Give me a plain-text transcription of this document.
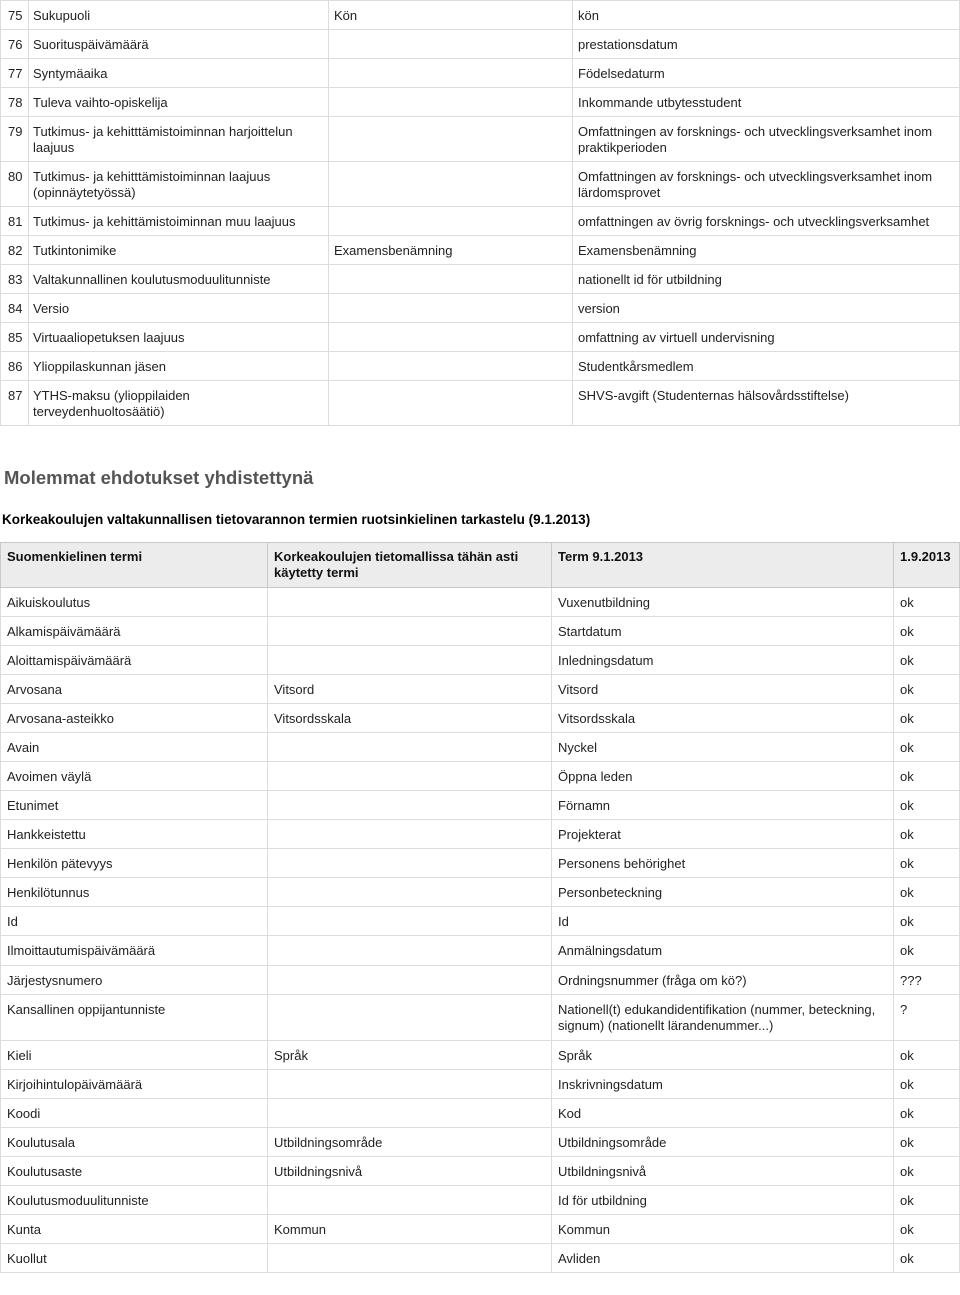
75	Sukupuoli	Kön	kön
76	Suorituspäivämäärä		prestationsdatum
77	Syntymäaika		Födelsedaturm
78	Tuleva vaihto-opiskelija		Inkommande utbytesstudent
79	Tutkimus- ja kehitttämistoiminnan harjoittelun laajuus		Omfattningen av forsknings- och utvecklingsverksamhet inom praktikperioden
80	Tutkimus- ja kehitttämistoiminnan laajuus (opinnäytetyössä)		Omfattningen av forsknings- och utvecklingsverksamhet inom lärdomsprovet
81	Tutkimus- ja kehittämistoiminnan muu laajuus		omfattningen av övrig forsknings- och utvecklingsverksamhet
82	Tutkintonimike	Examensbenämning	Examensbenämning
83	Valtakunnallinen koulutusmoduulitunniste		nationellt id för utbildning
84	Versio		version
85	Virtuaaliopetuksen laajuus		omfattning av virtuell undervisning
86	Ylioppilaskunnan jäsen		Studentkårsmedlem
87	YTHS-maksu (ylioppilaiden terveydenhuoltosäätiö)		SHVS-avgift (Studenternas hälsovårdsstiftelse)
Molemmat ehdotukset yhdistettynä

Korkeakoulujen valtakunnallisen tietovarannon termien ruotsinkielinen tarkastelu (9.1.2013)

Suomenkielinen termi	Korkeakoulujen tietomallissa tähän asti käytetty termi	Term 9.1.2013	1.9.2013
Aikuiskoulutus		Vuxenutbildning	ok
Alkamispäivämäärä		Startdatum	ok
Aloittamispäivämäärä		Inledningsdatum	ok
Arvosana	Vitsord	Vitsord	ok
Arvosana-asteikko	Vitsordsskala	Vitsordsskala	ok
Avain		Nyckel	ok
Avoimen väylä		Öppna leden	ok
Etunimet		Förnamn	ok
Hankkeistettu		Projekterat	ok
Henkilön pätevyys		Personens behörighet	ok
Henkilötunnus		Personbeteckning	ok
Id		Id	ok
Ilmoittautumispäivämäärä		Anmälningsdatum	ok
Järjestysnumero		Ordningsnummer (fråga om kö?)	???
Kansallinen oppijantunniste		Nationell(t) edukandidentifikation (nummer, beteckning, signum) (nationellt lärandenummer...)	?
Kieli	Språk	Språk	ok
Kirjoihintulopäivämäärä		Inskrivningsdatum	ok
Koodi		Kod	ok
Koulutusala	Utbildningsområde	Utbildningsområde	ok
Koulutusaste	Utbildningsnivå	Utbildningsnivå	ok
Koulutusmoduulitunniste		Id för utbildning	ok
Kunta	Kommun	Kommun	ok
Kuollut		Avliden	ok
